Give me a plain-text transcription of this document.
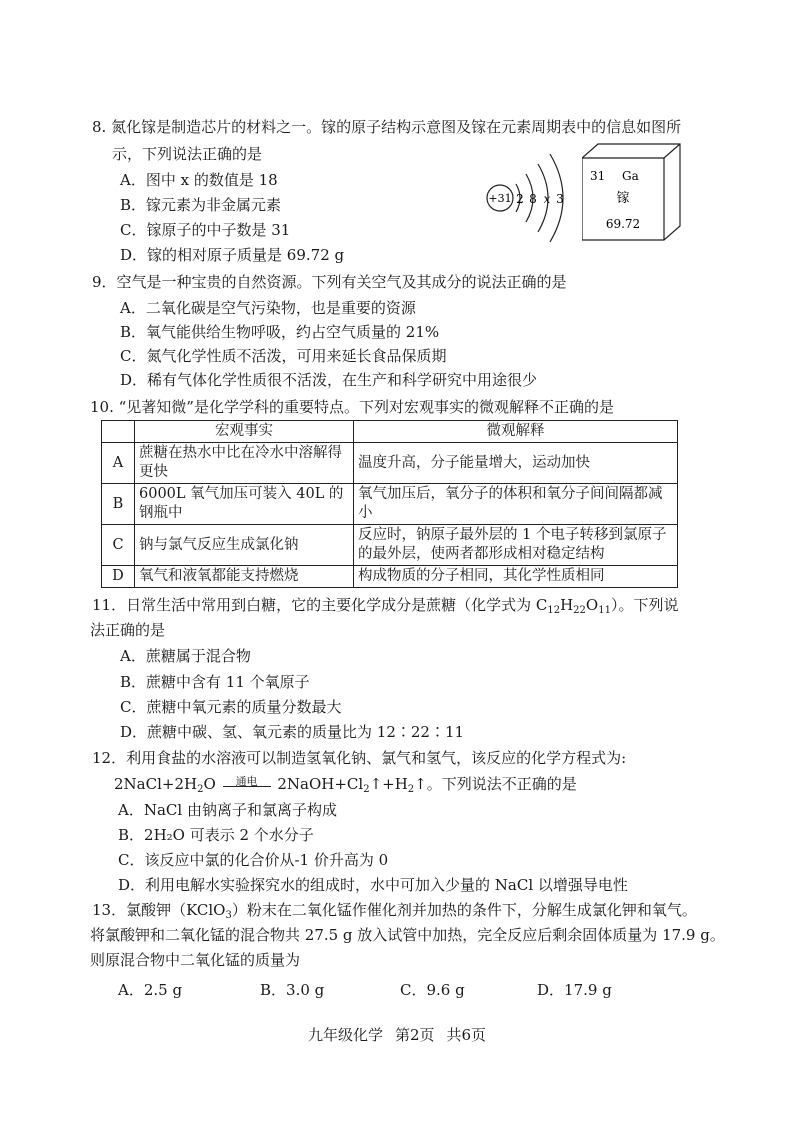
8. 氮化镓是制造芯片的材料之一。镓的原子结构示意图及镓在元素周期表中的信息如图所
示，下列说法正确的是
A．图中 x 的数值是 18
B．镓元素为非金属元素
C．镓原子的中子数是 31
D．镓的相对原子质量是 69.72 g
+31 2 8 x 3
31 Ga
镓
69.72
9．空气是一种宝贵的自然资源。下列有关空气及其成分的说法正确的是
A．二氧化碳是空气污染物，也是重要的资源
B．氧气能供给生物呼吸，约占空气质量的 21%
C．氮气化学性质不活泼，可用来延长食品保质期
D．稀有气体化学性质很不活泼，在生产和科学研究中用途很少
10. “见著知微”是化学学科的重要特点。下列对宏观事实的微观解释不正确的是
	宏观事实	微观解释
A	蔗糖在热水中比在冷水中溶解得更快	温度升高，分子能量增大，运动加快
B	6000L 氧气加压可装入 40L 的钢瓶中	氧气加压后，氧分子的体积和氧分子间间隔都减小
C	钠与氯气反应生成氯化钠	反应时，钠原子最外层的 1 个电子转移到氯原子的最外层，使两者都形成相对稳定结构
D	氧气和液氧都能支持燃烧	构成物质的分子相同，其化学性质相同
11．日常生活中常用到白糖，它的主要化学成分是蔗糖（化学式为 $C_{12}H_{22}O_{11}$）。下列说
法正确的是
A．蔗糖属于混合物
B．蔗糖中含有 11 个氧原子
C．蔗糖中氧元素的质量分数最大
D．蔗糖中碳、氢、氧元素的质量比为 12∶22∶11
12．利用食盐的水溶液可以制造氢氧化钠、氯气和氢气，该反应的化学方程式为:
$2NaCl+2H_2O$	通电	$2NaOH+Cl_2↑+H_2↑$。下列说法不正确的是
A．NaCl 由钠离子和氯离子构成
B．2H₂O 可表示 2 个水分子
C．该反应中氯的化合价从-1 价升高为 0
D．利用电解水实验探究水的组成时，水中可加入少量的 NaCl 以增强导电性
13．氯酸钾（KClO$_3$）粉末在二氧化锰作催化剂并加热的条件下，分解生成氯化钾和氧气。
将氯酸钾和二氧化锰的混合物共 27.5 g 放入试管中加热，完全反应后剩余固体质量为 17.9 g。
则原混合物中二氧化锰的质量为
A．2.5 g	B．3.0 g	C．9.6 g	D．17.9 g
九年级化学 第2页 共6页
